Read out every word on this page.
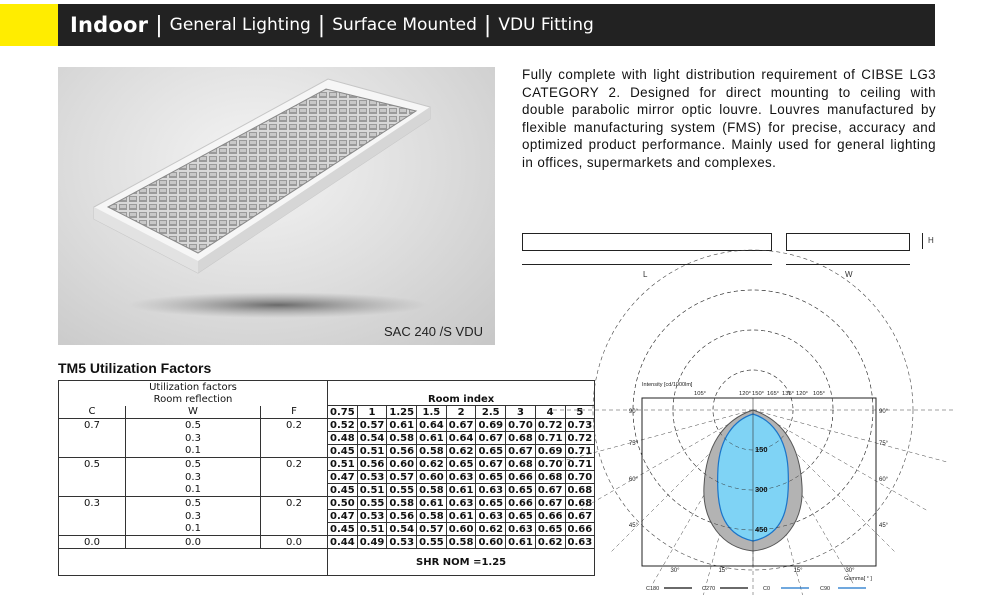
Indoor | General Lighting | Surface Mounted | VDU Fitting
SAC 240 /S VDU
Fully complete with light distribution requirement of CIBSE LG3 CATEGORY 2. Designed for direct mounting to ceiling with double parabolic mirror optic louvre. Louvres manufactured by flexible manufacturing system (FMS) for precise, accuracy and optimized product performance. Mainly used for general lighting in offices, supermarkets and complexes.
H
L	W
TM5 Utilization Factors
Utilization factors											
Room reflection			Room index								
C	W	F	0.75	1	1.25	1.5	2	2.5	3	4	5
0.7	0.5	0.2	0.52	0.57	0.61	0.64	0.67	0.69	0.70	0.72	0.73
	0.3		0.48	0.54	0.58	0.61	0.64	0.67	0.68	0.71	0.72
	0.1		0.45	0.51	0.56	0.58	0.62	0.65	0.67	0.69	0.71
0.5	0.5	0.2	0.51	0.56	0.60	0.62	0.65	0.67	0.68	0.70	0.71
	0.3		0.47	0.53	0.57	0.60	0.63	0.65	0.66	0.68	0.70
	0.1		0.45	0.51	0.55	0.58	0.61	0.63	0.65	0.67	0.68
0.3	0.5	0.2	0.50	0.55	0.58	0.61	0.63	0.65	0.66	0.67	0.68
	0.3		0.47	0.53	0.56	0.58	0.61	0.63	0.65	0.66	0.67
	0.1		0.45	0.51	0.54	0.57	0.60	0.62	0.63	0.65	0.66
0.0	0.0	0.0	0.44	0.49	0.53	0.55	0.58	0.60	0.61	0.62	0.63
			SHR NOM =1.25								
150
300
450
Intensity [cd/1000lm]
105°	120° 150° 165° 135° 120° 105°
90°
75°
60°
45°
90°
75°
60°
45°
30°	15°	15°	30°
Gamma[ ° ]
C180	C270	C0	C90
